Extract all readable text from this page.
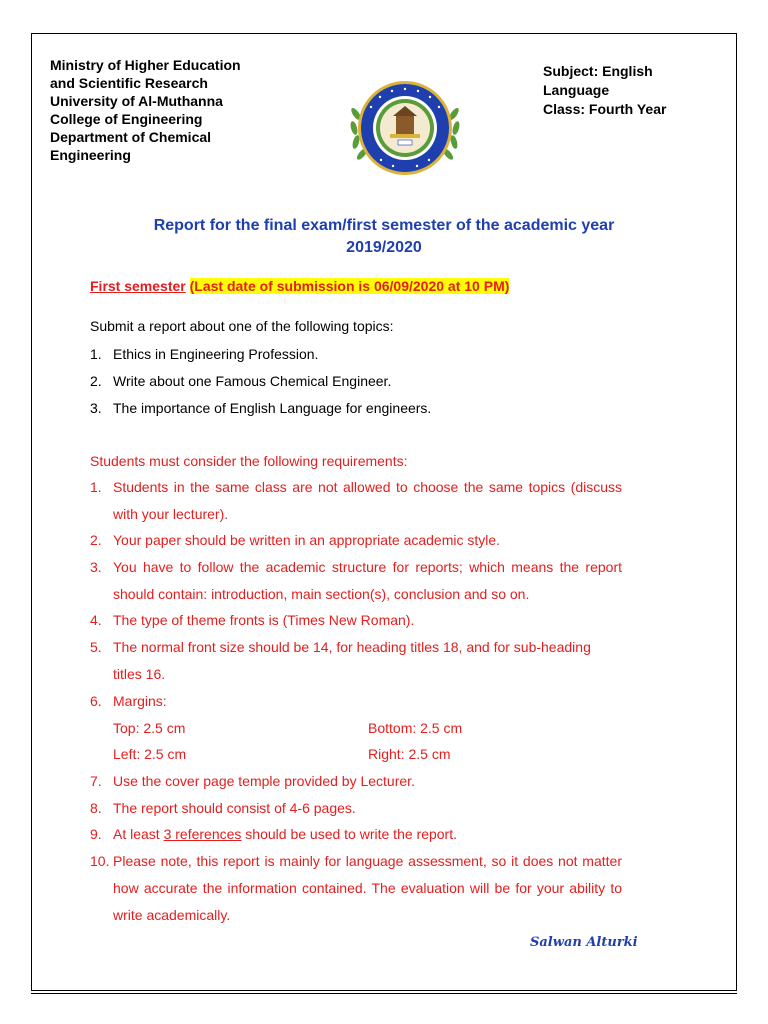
Ministry of Higher Education
and Scientific Research
University of Al-Muthanna
College of Engineering
Department of Chemical
Engineering
Subject: English
Language
Class: Fourth Year
Report for the final exam/first semester of the academic year
2019/2020
First semester (Last date of submission is 06/09/2020 at 10 PM)
Submit a report about one of the following topics:
1. Ethics in Engineering Profession.
2. Write about one Famous Chemical Engineer.
3. The importance of English Language for engineers.
Students must consider the following requirements:
1. Students in the same class are not allowed to choose the same topics (discuss with your lecturer).
2. Your paper should be written in an appropriate academic style.
3. You have to follow the academic structure for reports; which means the report should contain: introduction, main section(s), conclusion and so on.
4. The type of theme fronts is (Times New Roman).
5. The normal front size should be 14, for heading titles 18, and for sub-heading titles 16.
6. Margins:
Top: 2.5 cm	Bottom: 2.5 cm
Left: 2.5 cm	Right: 2.5 cm
7. Use the cover page temple provided by Lecturer.
8. The report should consist of 4-6 pages.
9. At least 3 references should be used to write the report.
10. Please note, this report is mainly for language assessment, so it does not matter how accurate the information contained. The evaluation will be for your ability to write academically.
Salwan Alturki
